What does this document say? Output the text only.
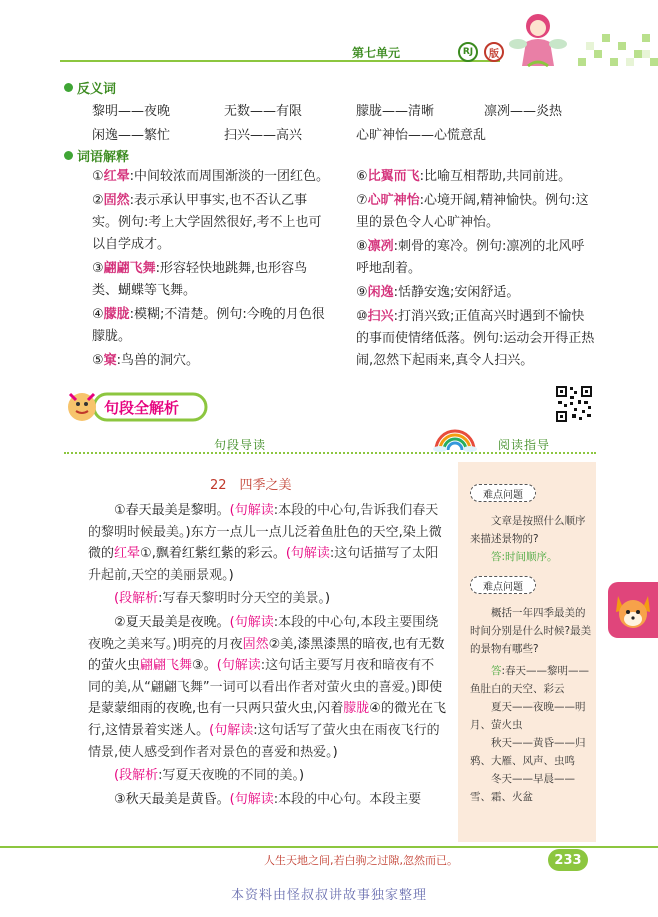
第七单元	RJ	版
反义词
黎明——夜晚	无数——有限	朦胧——清晰	凛冽——炎热
闲逸——繁忙	扫兴——高兴	心旷神怡——心慌意乱
词语解释
①红晕:中间较浓而周围渐淡的一团红色。
②固然:表示承认甲事实,也不否认乙事实。例句:考上大学固然很好,考不上也可以自学成才。
③翩翩飞舞:形容轻快地跳舞,也形容鸟类、蝴蝶等飞舞。
④朦胧:模糊;不清楚。例句:今晚的月色很朦胧。
⑤窠:鸟兽的洞穴。
⑥比翼而飞:比喻互相帮助,共同前进。
⑦心旷神怡:心境开阔,精神愉快。例句:这里的景色令人心旷神怡。
⑧凛冽:刺骨的寒冷。例句:凛冽的北风呼呼地刮着。
⑨闲逸:恬静安逸;安闲舒适。
⑩扫兴:打消兴致;正值高兴时遇到不愉快的事而使情绪低落。例句:运动会开得正热闹,忽然下起雨来,真令人扫兴。
句段全解析
句段导读	阅读指导
22　四季之美

①春天最美是黎明。(句解读:本段的中心句,告诉我们春天的黎明时候最美。)东方一点儿一点儿泛着鱼肚色的天空,染上微微的红晕①,飘着红紫红紫的彩云。(句解读:这句话描写了太阳升起前,天空的美丽景观。)

(段解析:写春天黎明时分天空的美景。)

②夏天最美是夜晚。(句解读:本段的中心句,本段主要围绕夜晚之美来写。)明亮的月夜固然②美,漆黑漆黑的暗夜,也有无数的萤火虫翩翩飞舞③。(句解读:这句话主要写月夜和暗夜有不同的美,从“翩翩飞舞”一词可以看出作者对萤火虫的喜爱。)即使是蒙蒙细雨的夜晚,也有一只两只萤火虫,闪着朦胧④的微光在飞行,这情景着实迷人。(句解读:这句话写了萤火虫在雨夜飞行的情景,使人感受到作者对景色的喜爱和热爱。)

(段解析:写夏天夜晚的不同的美。)

③秋天最美是黄昏。(句解读:本段的中心句。本段主要

难点问题
文章是按照什么顺序来描述景物的?
答:时间顺序。
难点问题
概括一年四季最美的时间分别是什么时候?最美的景物有哪些?
答:春天——黎明——鱼肚白的天空、彩云
夏天——夜晚——明月、萤火虫
秋天——黄昏——归鸦、大雁、风声、虫鸣
冬天——早晨——雪、霜、火盆
人生天地之间,若白驹之过隙,忽然而已。	233
本资料由怪叔叔讲故事独家整理
